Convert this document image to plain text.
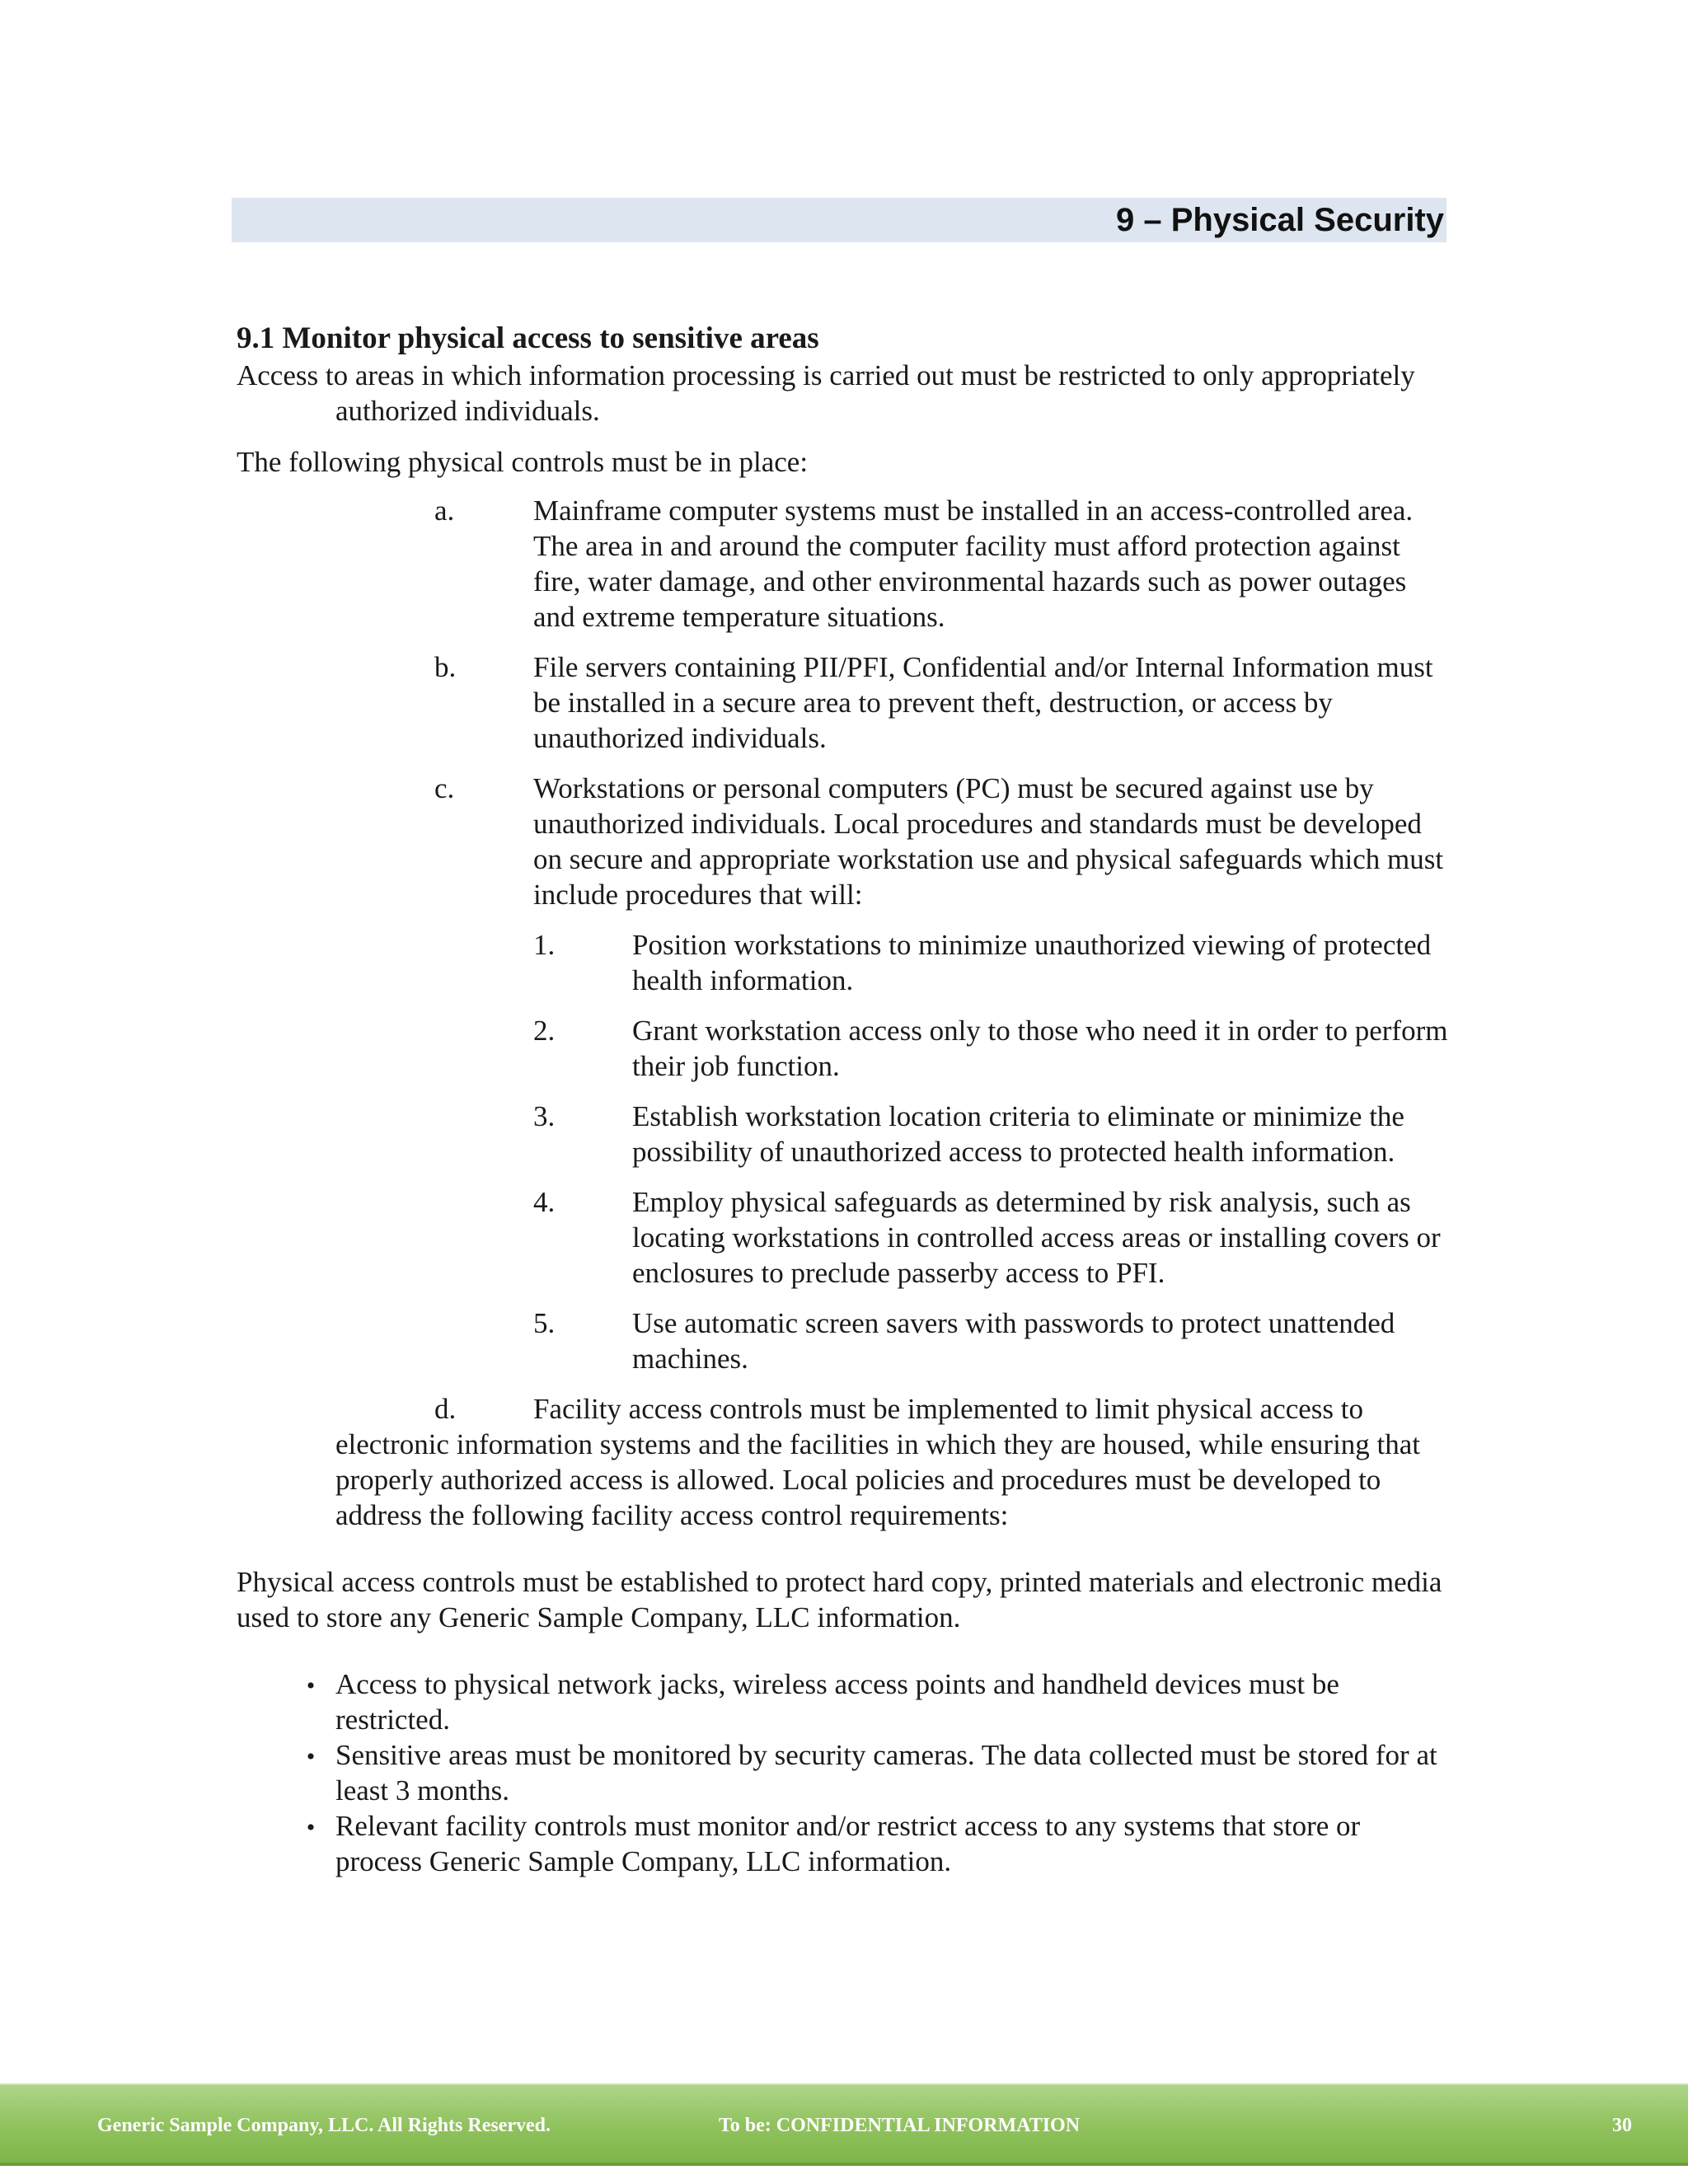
9 – Physical Security
9.1 Monitor physical access to sensitive areas

Access to areas in which information processing is carried out must be restricted to only appropriately authorized individuals.

The following physical controls must be in place:

a.	Mainframe computer systems must be installed in an access-controlled area. The area in and around the computer facility must afford protection against fire, water damage, and other environmental hazards such as power outages and extreme temperature situations.
b.	File servers containing PII/PFI, Confidential and/or Internal Information must be installed in a secure area to prevent theft, destruction, or access by unauthorized individuals.
c.	Workstations or personal computers (PC) must be secured against use by unauthorized individuals. Local procedures and standards must be developed on secure and appropriate workstation use and physical safeguards which must include procedures that will:
1.	Position workstations to minimize unauthorized viewing of protected health information.
2.	Grant workstation access only to those who need it in order to perform their job function.
3.	Establish workstation location criteria to eliminate or minimize the possibility of unauthorized access to protected health information.
4.	Employ physical safeguards as determined by risk analysis, such as locating workstations in controlled access areas or installing covers or enclosures to preclude passerby access to PFI.
5.	Use automatic screen savers with passwords to protect unattended machines.

d.	Facility access controls must be implemented to limit physical access to electronic information systems and the facilities in which they are housed, while ensuring that properly authorized access is allowed. Local policies and procedures must be developed to address the following facility access control requirements:

Physical access controls must be established to protect hard copy, printed materials and electronic media used to store any Generic Sample Company, LLC information.

• Access to physical network jacks, wireless access points and handheld devices must be restricted.
• Sensitive areas must be monitored by security cameras. The data collected must be stored for at least 3 months.
• Relevant facility controls must monitor and/or restrict access to any systems that store or process Generic Sample Company, LLC information.
Generic Sample Company, LLC. All Rights Reserved.	To be: CONFIDENTIAL INFORMATION	30
